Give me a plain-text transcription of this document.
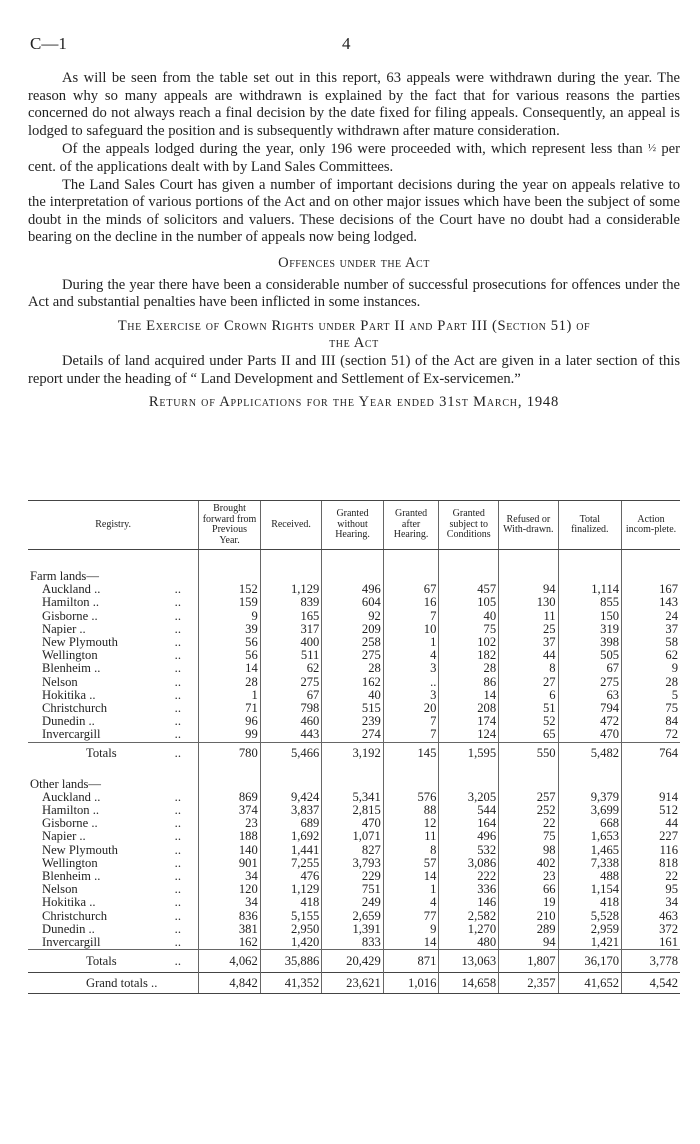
C—1	4

As will be seen from the table set out in this report, 63 appeals were withdrawn during the year. The reason why so many appeals are withdrawn is explained by the fact that for various reasons the parties concerned do not always reach a final decision by the date fixed for filing appeals. Consequently, an appeal is lodged to safeguard the position and is subsequently withdrawn after mature consideration.

Of the appeals lodged during the year, only 196 were proceeded with, which represent less than ½ per cent. of the applications dealt with by Land Sales Committees.

The Land Sales Court has given a number of important decisions during the year on appeals relative to the interpretation of various portions of the Act and on other major issues which have been the subject of some doubt in the minds of solicitors and valuers. These decisions of the Court have no doubt had a considerable bearing on the decline in the number of appeals now being lodged.

Offences under the Act

During the year there have been a considerable number of successful prosecutions for offences under the Act and substantial penalties have been inflicted in some instances.

The Exercise of Crown Rights under Part II and Part III (Section 51) of
the Act

Details of land acquired under Parts II and III (section 51) of the Act are given in a later section of this report under the heading of “ Land Development and Settlement of Ex-servicemen.”

Return of Applications for the Year ended 31st March, 1948
Registry.		Brought forward from Previous Year.	Received.	Granted without Hearing.	Granted after Hearing.	Granted subject to Conditions	Refused or With-drawn.	Total finalized.	Action incom-plete.

Farm lands—									
Auckland ..	..	152	1,129	496	67	457	94	1,114	167
Hamilton ..	..	159	839	604	16	105	130	855	143
Gisborne ..	..	9	165	92	7	40	11	150	24
Napier ..	..	39	317	209	10	75	25	319	37
New Plymouth	..	56	400	258	1	102	37	398	58
Wellington	..	56	511	275	4	182	44	505	62
Blenheim ..	..	14	62	28	3	28	8	67	9
Nelson	..	28	275	162	..	86	27	275	28
Hokitika ..	..	1	67	40	3	14	6	63	5
Christchurch	..	71	798	515	20	208	51	794	75
Dunedin ..	..	96	460	239	7	174	52	472	84
Invercargill	..	99	443	274	7	124	65	470	72
Totals	..	780	5,466	3,192	145	1,595	550	5,482	764

Other lands—									
Auckland ..	..	869	9,424	5,341	576	3,205	257	9,379	914
Hamilton ..	..	374	3,837	2,815	88	544	252	3,699	512
Gisborne ..	..	23	689	470	12	164	22	668	44
Napier ..	..	188	1,692	1,071	11	496	75	1,653	227
New Plymouth	..	140	1,441	827	8	532	98	1,465	116
Wellington	..	901	7,255	3,793	57	3,086	402	7,338	818
Blenheim ..	..	34	476	229	14	222	23	488	22
Nelson	..	120	1,129	751	1	336	66	1,154	95
Hokitika ..	..	34	418	249	4	146	19	418	34
Christchurch	..	836	5,155	2,659	77	2,582	210	5,528	463
Dunedin ..	..	381	2,950	1,391	9	1,270	289	2,959	372
Invercargill	..	162	1,420	833	14	480	94	1,421	161
Totals	..	4,062	35,886	20,429	871	13,063	1,807	36,170	3,778
Grand totals ..		4,842	41,352	23,621	1,016	14,658	2,357	41,652	4,542
